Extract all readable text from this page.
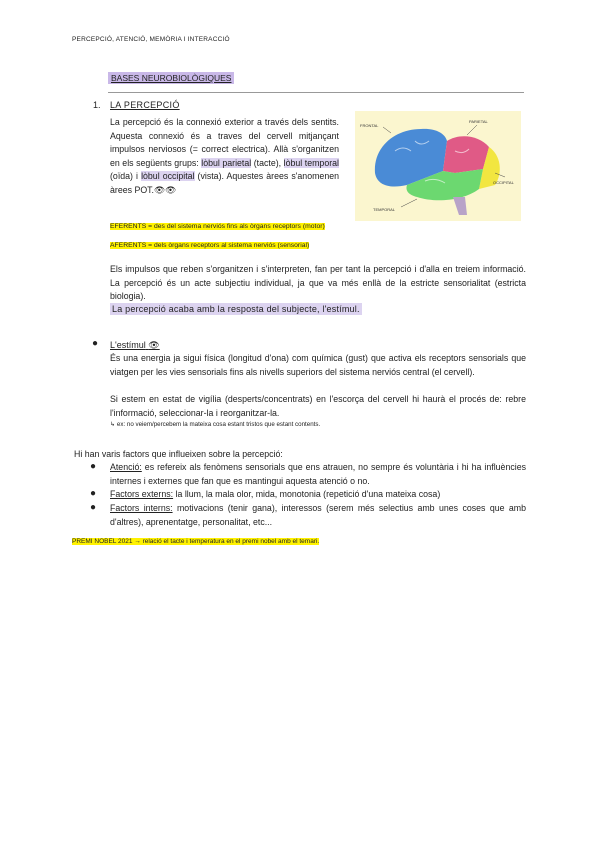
PERCEPCIÓ, ATENCIÓ, MEMÒRIA I INTERACCIÓ
BASES NEUROBIOLÒGIQUES
1. LA PERCEPCIÓ
La percepció és la connexió exterior a través dels sentits. Aquesta connexió és a traves del cervell mitjançant impulsos nerviosos (= correct electrica). Allà s'organitzen en els següents grups: lòbul parietal (tacte), lòbul temporal (oïda) i lòbul occipital (vista). Aquestes àrees s'anomenen àrees POT.👁👁
FRONTAL
PARIETAL
OCCIPITAL
TEMPORAL
EFERENTS = des del sistema nerviós fins als òrgans receptors (motor)
AFERENTS = dels òrgans receptors al sistema nerviós (sensorial)
Els impulsos que reben s'organitzen i s'interpreten, fan per tant la percepció i d'alla en treiem informació. La percepció és un acte subjectiu individual, ja que va més enllà de la estricte sensorialitat (estricta biologia).
La percepció acaba amb la resposta del subjecte, l'estímul.
● L'estímul 👁
És una energia ja sigui física (longitud d'ona) com química (gust) que activa els receptors sensorials que viatgen per les vies sensorials fins als nivells superiors del sistema nerviós central (el cervell).
Si estem en estat de vigília (desperts/concentrats) en l'escorça del cervell hi haurà el procés de: rebre l'informació, seleccionar-la i reorganitzar-la.
↳ ex: no veiem/percebem la mateixa cosa estant tristos que estant contents.
Hi han varis factors que influeixen sobre la percepció:
● Atenció: es refereix als fenòmens sensorials que ens atrauen, no sempre és voluntària i hi ha influències internes i externes que fan que es mantingui aquesta atenció o no.
● Factors externs: la llum, la mala olor, mida, monotonia (repetició d'una mateixa cosa)
● Factors interns: motivacions (tenir gana), interessos (serem més selectius amb unes coses que amb d'altres), aprenentatge, personalitat, etc...
PREMI NOBEL 2021 → relació el tacte i temperatura en el premi nobel amb el temari.
